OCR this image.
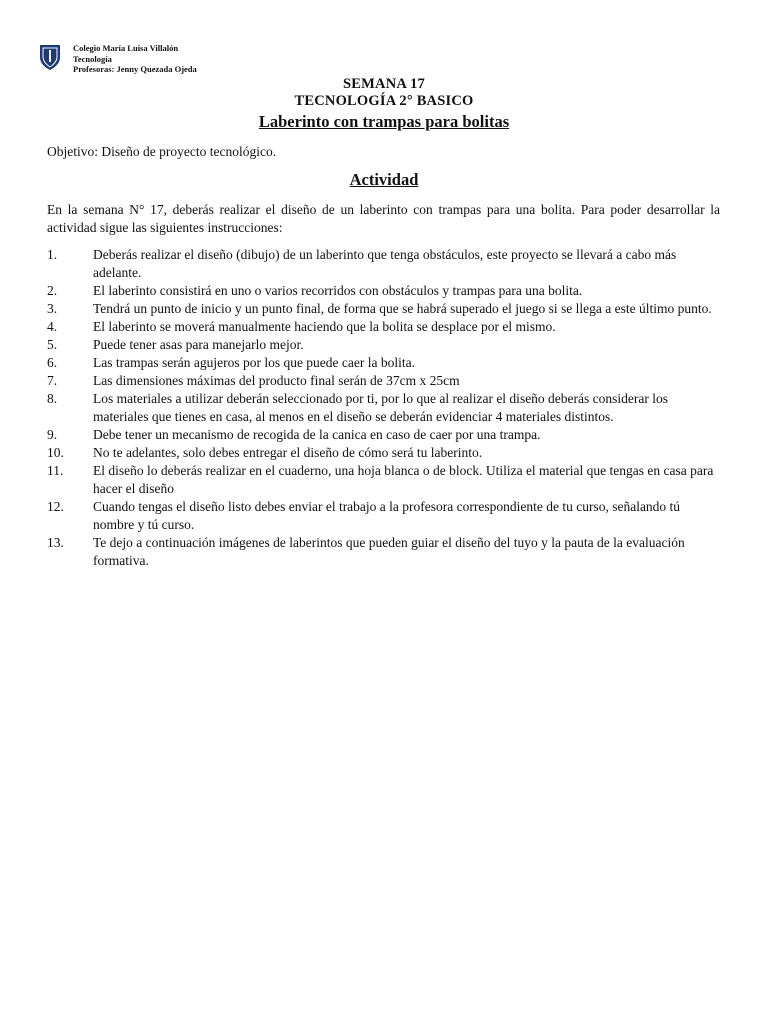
Colegio María Luisa Villalón
Tecnología
Profesoras: Jenny Quezada Ojeda
SEMANA 17
TECNOLOGÍA 2° BASICO
Laberinto con trampas para bolitas
Objetivo: Diseño de proyecto tecnológico.
Actividad
En la semana N° 17, deberás realizar el diseño de un laberinto con trampas para una bolita. Para poder desarrollar la actividad sigue las siguientes instrucciones:
1.	Deberás realizar el diseño (dibujo) de un laberinto que tenga obstáculos, este proyecto se llevará a cabo más adelante.
2.	El laberinto consistirá en uno o varios recorridos con obstáculos y trampas para una bolita.
3.	Tendrá un punto de inicio y un punto final, de forma que se habrá superado el juego si se llega a este último punto.
4.	El laberinto se moverá manualmente haciendo que la bolita se desplace por el mismo.
5.	Puede tener asas para manejarlo mejor.
6.	Las trampas serán agujeros por los que puede caer la bolita.
7.	Las dimensiones máximas del producto final serán de 37cm x 25cm
8.	Los materiales a utilizar deberán seleccionado por ti, por lo que al realizar el diseño deberás considerar los materiales que tienes en casa, al menos en el diseño se deberán evidenciar 4 materiales distintos.
9.	Debe tener un mecanismo de recogida de la canica en caso de caer por una trampa.
10.	No te adelantes, solo debes entregar el diseño de cómo será tu laberinto.
11.	El diseño lo deberás realizar en el cuaderno, una hoja blanca o de block. Utiliza el material que tengas en casa para hacer el diseño
12.	Cuando tengas el diseño listo debes enviar el trabajo a la profesora correspondiente de tu curso, señalando tú nombre y tú curso.
13.	Te dejo a continuación imágenes de laberintos que pueden guiar el diseño del tuyo y la pauta de la evaluación formativa.
